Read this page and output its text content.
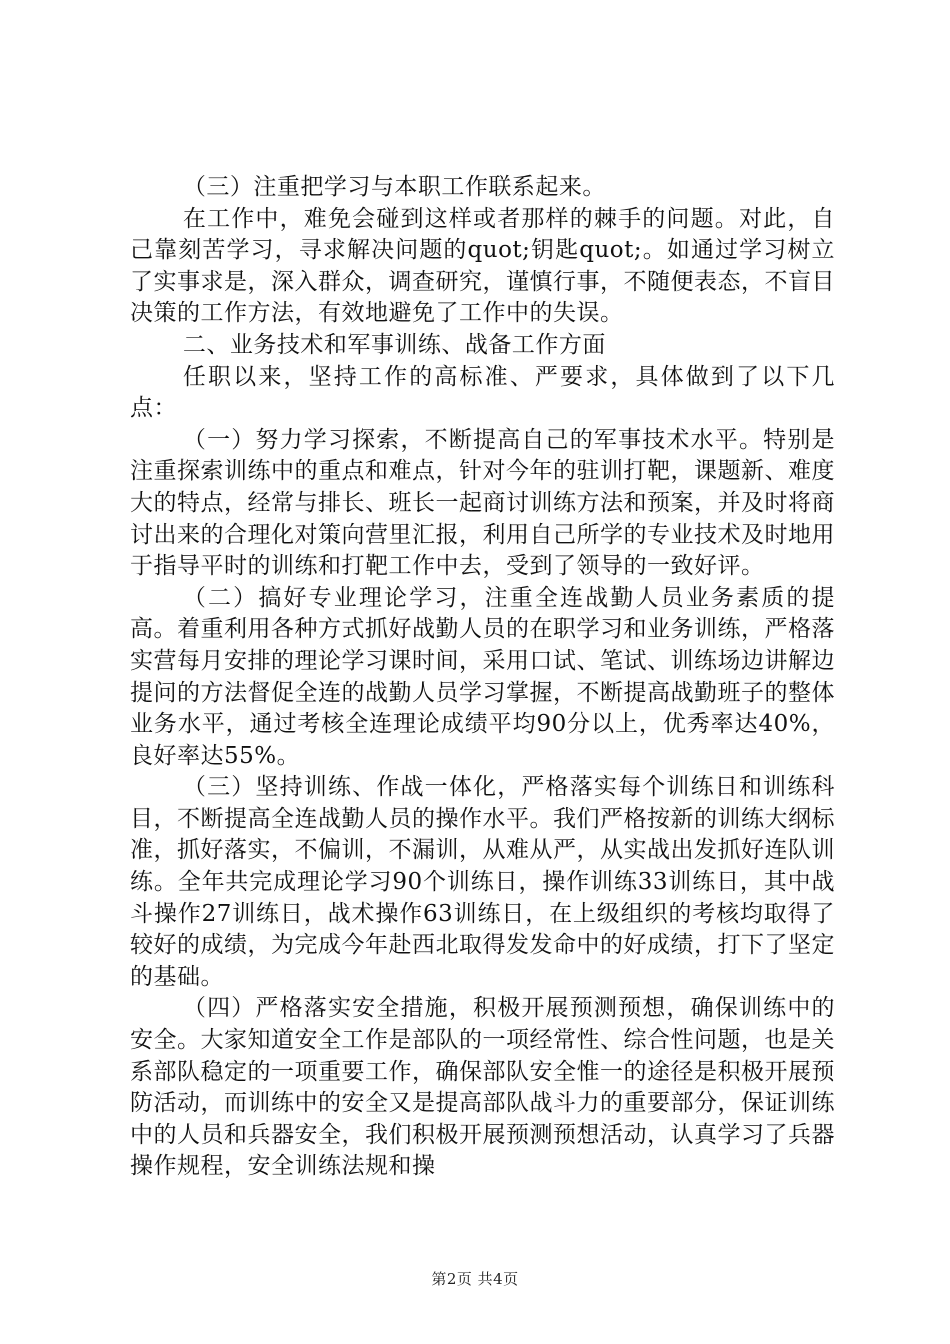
（三）注重把学习与本职工作联系起来。

在工作中，难免会碰到这样或者那样的棘手的问题。对此，自己靠刻苦学习，寻求解决问题的quot;钥匙quot;。如通过学习树立了实事求是，深入群众，调查研究，谨慎行事，不随便表态，不盲目决策的工作方法，有效地避免了工作中的失误。

二、业务技术和军事训练、战备工作方面

任职以来，坚持工作的高标准、严要求，具体做到了以下几点：

（一）努力学习探索，不断提高自己的军事技术水平。特别是注重探索训练中的重点和难点，针对今年的驻训打靶，课题新、难度大的特点，经常与排长、班长一起商讨训练方法和预案，并及时将商讨出来的合理化对策向营里汇报，利用自己所学的专业技术及时地用于指导平时的训练和打靶工作中去，受到了领导的一致好评。

（二）搞好专业理论学习，注重全连战勤人员业务素质的提高。着重利用各种方式抓好战勤人员的在职学习和业务训练，严格落实营每月安排的理论学习课时间，采用口试、笔试、训练场边讲解边提问的方法督促全连的战勤人员学习掌握，不断提高战勤班子的整体业务水平，通过考核全连理论成绩平均90分以上，优秀率达40%，良好率达55%。

（三）坚持训练、作战一体化，严格落实每个训练日和训练科目，不断提高全连战勤人员的操作水平。我们严格按新的训练大纲标准，抓好落实，不偏训，不漏训，从难从严，从实战出发抓好连队训练。全年共完成理论学习90个训练日，操作训练33训练日，其中战斗操作27训练日，战术操作63训练日，在上级组织的考核均取得了较好的成绩，为完成今年赴西北取得发发命中的好成绩，打下了坚定的基础。

（四）严格落实安全措施，积极开展预测预想，确保训练中的安全。大家知道安全工作是部队的一项经常性、综合性问题，也是关系部队稳定的一项重要工作，确保部队安全惟一的途径是积极开展预防活动，而训练中的安全又是提高部队战斗力的重要部分，保证训练中的人员和兵器安全，我们积极开展预测预想活动，认真学习了兵器操作规程，安全训练法规和操

第2页 共4页
